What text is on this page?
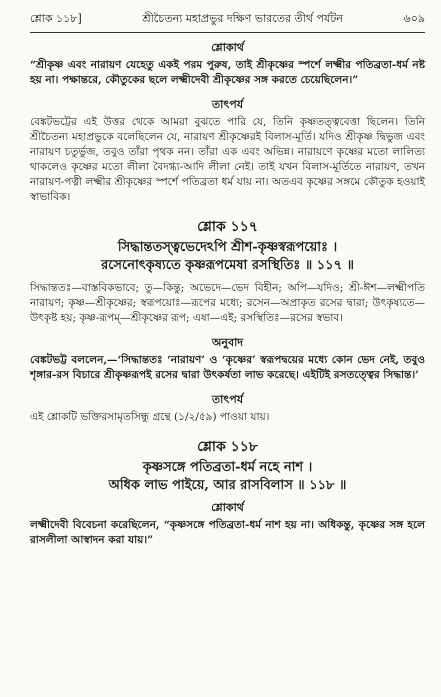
শ্লোক ১১৮]	শ্রীচৈতন্য মহাপ্রভুর দক্ষিণ ভারতের তীর্থ পর্যটন	৬০৯
শ্লোকার্থ

“শ্রীকৃষ্ণ এবং নারায়ণ যেহেতু একই পরম পুরুষ, তাই শ্রীকৃষ্ণের স্পর্শে লক্ষ্মীর পতিব্রতা-ধর্ম নষ্ট হয় না। পক্ষান্তরে, কৌতুকের ছলে লক্ষ্মীদেবী শ্রীকৃষ্ণের সঙ্গ করতে চেয়েছিলেন।”

তাৎপর্য

বেঙ্কটভট্টের এই উত্তর থেকে আমরা বুঝতে পারি যে, তিনি কৃষ্ণতত্ত্ববেত্তা ছিলেন। তিনি শ্রীচৈতন্য মহাপ্রভুকে বলেছিলেন যে, নারায়ণ শ্রীকৃষ্ণেরই বিলাস-মূর্তি। যদিও শ্রীকৃষ্ণ দ্বিভুজ এবং নারায়ণ চতুর্ভুজ, তবুও তাঁরা পৃথক নন। তাঁরা এক এবং অভিন্ন। নারায়ণে কৃষ্ণের মতো লালিত্য থাকলেও কৃষ্ণের মতো লীলা বৈদগ্ধ্য-আদি লীলা নেই। তাই যখন বিলাস-মূর্তিতে নারায়ণ, তখন নারায়ণ-পত্নী লক্ষ্মীর শ্রীকৃষ্ণের স্পর্শে পতিব্রতা ধর্ম যায় না। অতএব কৃষ্ণের সঙ্গমে কৌতুক হওয়াই স্বাভাবিক।

শ্লোক ১১৭
সিদ্ধান্ততস্ত্বভেদেঽপি শ্রীশ-কৃষ্ণস্বরূপয়োঃ ।
রসেনোৎকৃষ্যতে কৃষ্ণরূপমেষা রসস্থিতিঃ ॥ ১১৭ ॥

সিদ্ধান্ততঃ—বাস্তবিকভাবে; তু—কিন্তু; অভেদে—ভেদ বিহীন; অপি—যদিও; শ্রী-ঈশ—লক্ষ্মীপতি নারায়ণ; কৃষ্ণ—শ্রীকৃষ্ণের; স্বরূপয়োঃ—রূপের মধ্যে; রসেন—অপ্রাকৃত রসের দ্বারা; উৎকৃষ্যতে—উৎকৃষ্ট হয়; কৃষ্ণ-রূপম্—শ্রীকৃষ্ণের রূপ; এষা—এই; রসস্থিতিঃ—রসের স্বভাব।

অনুবাদ

বেঙ্কটভট্ট বললেন,—‘সিদ্ধান্ততঃ ‘নারায়ণ’ ও ‘কৃষ্ণের’ স্বরূপদ্বয়ের মধ্যে কোন ভেদ নেই, তবুও শৃঙ্গার-রস বিচারে শ্রীকৃষ্ণরূপই রসের দ্বারা উৎকর্ষতা লাভ করেছে। এইটিই রসতত্ত্বের সিদ্ধান্ত।’

তাৎপর্য

এই শ্লোকটি ভক্তিরসামৃতসিন্ধু গ্রন্থে (১/২/৫৯) পাওয়া যায়।

শ্লোক ১১৮
কৃষ্ণসঙ্গে পতিব্রতা-ধর্ম নহে নাশ ।
অধিক লাভ পাইয়ে, আর রাসবিলাস ॥ ১১৮ ॥
শ্লোকার্থ

লক্ষ্মীদেবী বিবেচনা করেছিলেন, “কৃষ্ণসঙ্গে পতিব্রতা-ধর্ম নাশ হয় না। অধিকন্তু, কৃষ্ণের সঙ্গ হলে রাসলীলা আস্বাদন করা যায়।”
